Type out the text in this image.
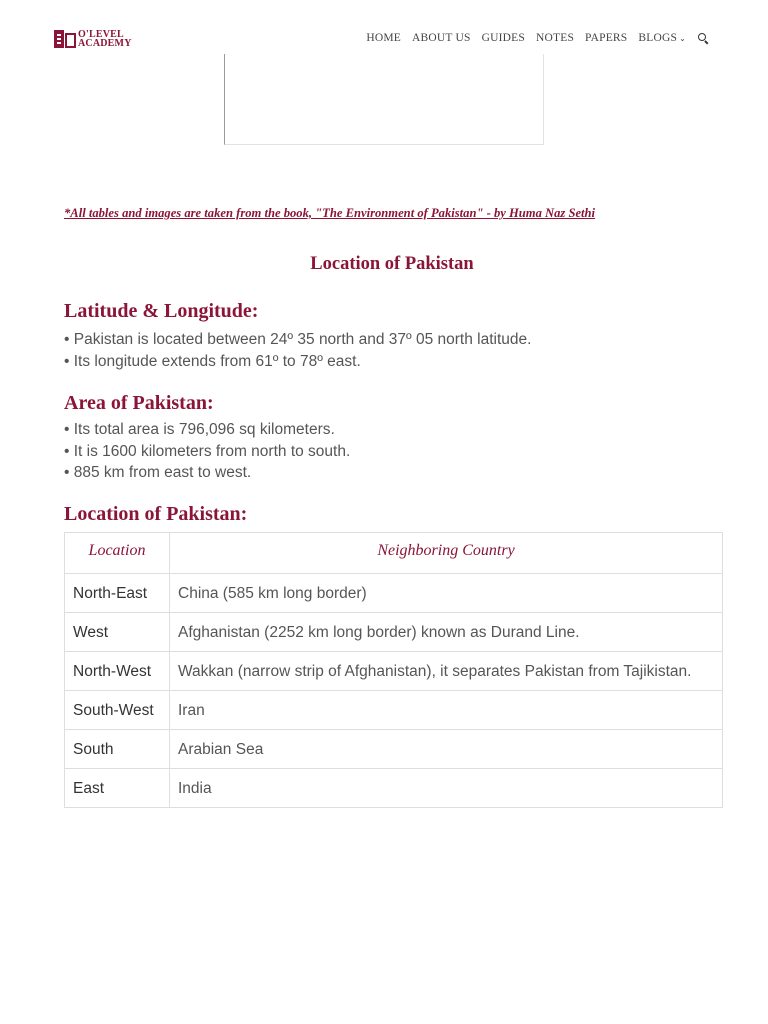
O'LEVEL
ACADEMY	HOME ABOUT US GUIDES NOTES PAPERS BLOGS ⌄
*All tables and images are taken from the book, "The Environment of Pakistan" - by Huma Naz Sethi
Location of Pakistan
Latitude & Longitude:
• Pakistan is located between 24º 35 north and 37º 05 north latitude.
• Its longitude extends from 61º to 78º east.
Area of Pakistan:
• Its total area is 796,096 sq kilometers.
• It is 1600 kilometers from north to south.
• 885 km from east to west.
Location of Pakistan:
Location	Neighboring Country
North-East	China (585 km long border)
West	Afghanistan (2252 km long border) known as Durand Line.
North-West	Wakkan (narrow strip of Afghanistan), it separates Pakistan from Tajikistan.
South-West	Iran
South	Arabian Sea
East	India
